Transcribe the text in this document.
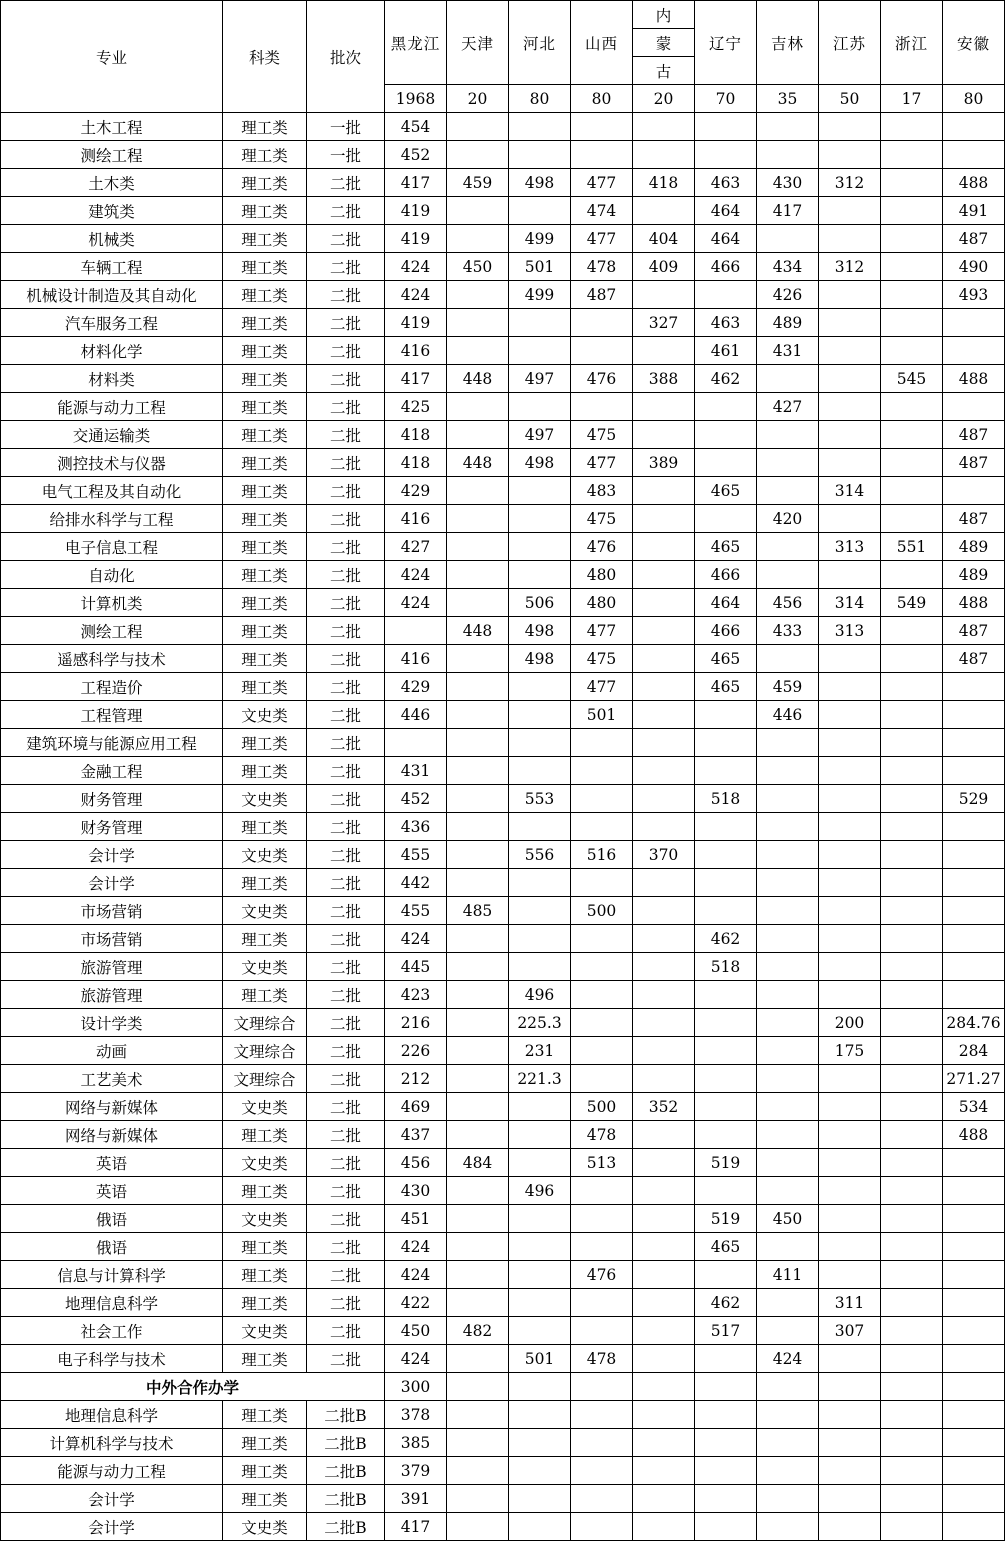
专业	科类	批次	黑龙江	天津	河北	山西	内	辽宁	吉林	江苏	浙江	安徽
							蒙					
							古					
			1968	20	80	80	20	70	35	50	17	80
土木工程	理工类	一批	454									
测绘工程	理工类	一批	452									
土木类	理工类	二批	417	459	498	477	418	463	430	312		488
建筑类	理工类	二批	419			474		464	417			491
机械类	理工类	二批	419		499	477	404	464				487
车辆工程	理工类	二批	424	450	501	478	409	466	434	312		490
机械设计制造及其自动化	理工类	二批	424		499	487			426			493
汽车服务工程	理工类	二批	419				327	463	489			
材料化学	理工类	二批	416					461	431			
材料类	理工类	二批	417	448	497	476	388	462			545	488
能源与动力工程	理工类	二批	425						427			
交通运输类	理工类	二批	418		497	475						487
测控技术与仪器	理工类	二批	418	448	498	477	389					487
电气工程及其自动化	理工类	二批	429			483		465		314		
给排水科学与工程	理工类	二批	416			475			420			487
电子信息工程	理工类	二批	427			476		465		313	551	489
自动化	理工类	二批	424			480		466				489
计算机类	理工类	二批	424		506	480		464	456	314	549	488
测绘工程	理工类	二批		448	498	477		466	433	313		487
遥感科学与技术	理工类	二批	416		498	475		465				487
工程造价	理工类	二批	429			477		465	459			
工程管理	文史类	二批	446			501			446			
建筑环境与能源应用工程	理工类	二批										
金融工程	理工类	二批	431									
财务管理	文史类	二批	452		553			518				529
财务管理	理工类	二批	436									
会计学	文史类	二批	455		556	516	370					
会计学	理工类	二批	442									
市场营销	文史类	二批	455	485		500						
市场营销	理工类	二批	424					462				
旅游管理	文史类	二批	445					518				
旅游管理	理工类	二批	423		496							
设计学类	文理综合	二批	216		225.3					200		284.76
动画	文理综合	二批	226		231					175		284
工艺美术	文理综合	二批	212		221.3							271.27
网络与新媒体	文史类	二批	469			500	352					534
网络与新媒体	理工类	二批	437			478						488
英语	文史类	二批	456	484		513		519				
英语	理工类	二批	430		496							
俄语	文史类	二批	451					519	450			
俄语	理工类	二批	424					465				
信息与计算科学	理工类	二批	424			476			411			
地理信息科学	理工类	二批	422					462		311		
社会工作	文史类	二批	450	482				517		307		
电子科学与技术	理工类	二批	424		501	478			424			
中外合作办学			300									
地理信息科学	理工类	二批B	378									
计算机科学与技术	理工类	二批B	385									
能源与动力工程	理工类	二批B	379									
会计学	理工类	二批B	391									
会计学	文史类	二批B	417									
